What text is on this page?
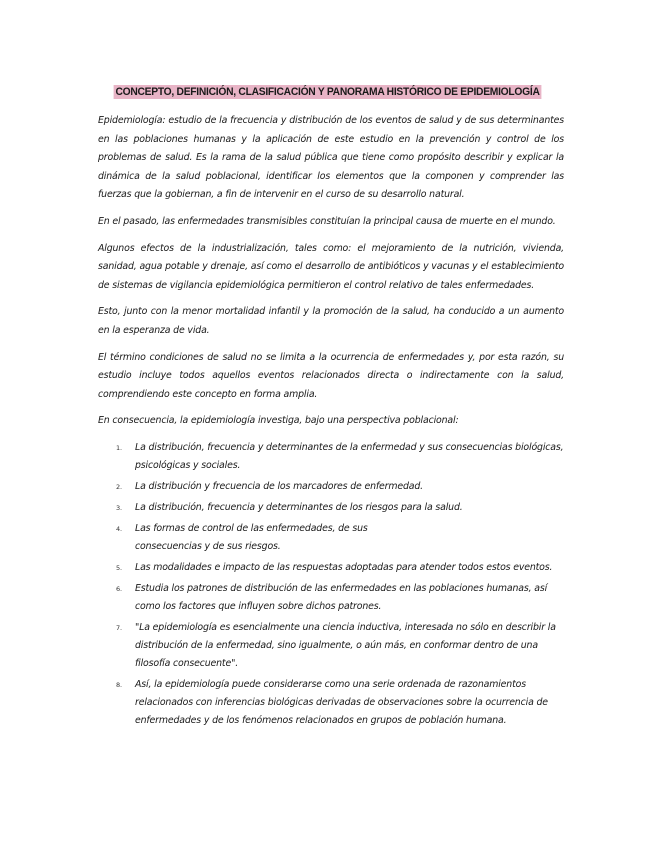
CONCEPTO, DEFINICIÓN, CLASIFICACIÓN Y PANORAMA HISTÓRICO DE EPIDEMIOLOGÍA

Epidemiología: estudio de la frecuencia y distribución de los eventos de salud y de sus determinantes en las poblaciones humanas y la aplicación de este estudio en la prevención y control de los problemas de salud. Es la rama de la salud pública que tiene como propósito describir y explicar la dinámica de la salud poblacional, identificar los elementos que la componen y comprender las fuerzas que la gobiernan, a fin de intervenir en el curso de su desarrollo natural.

En el pasado, las enfermedades transmisibles constituían la principal causa de muerte en el mundo.

Algunos efectos de la industrialización, tales como: el mejoramiento de la nutrición, vivienda, sanidad, agua potable y drenaje, así como el desarrollo de antibióticos y vacunas y el establecimiento de sistemas de vigilancia epidemiológica permitieron el control relativo de tales enfermedades.

Esto, junto con la menor mortalidad infantil y la promoción de la salud, ha conducido a un aumento en la esperanza de vida.

El término condiciones de salud no se limita a la ocurrencia de enfermedades y, por esta razón, su estudio incluye todos aquellos eventos relacionados directa o indirectamente con la salud, comprendiendo este concepto en forma amplia.

En consecuencia, la epidemiología investiga, bajo una perspectiva poblacional:

1. La distribución, frecuencia y determinantes de la enfermedad y sus consecuencias biológicas, psicológicas y sociales.
2. La distribución y frecuencia de los marcadores de enfermedad.
3. La distribución, frecuencia y determinantes de los riesgos para la salud.
4. Las formas de control de las enfermedades, de sus consecuencias y de sus riesgos.
5. Las modalidades e impacto de las respuestas adoptadas para atender todos estos eventos.
6. Estudia los patrones de distribución de las enfermedades en las poblaciones humanas, así como los factores que influyen sobre dichos patrones.
7. "La epidemiología es esencialmente una ciencia inductiva, interesada no sólo en describir la distribución de la enfermedad, sino igualmente, o aún más, en conformar dentro de una filosofía consecuente".
8. Así, la epidemiología puede considerarse como una serie ordenada de razonamientos relacionados con inferencias biológicas derivadas de observaciones sobre la ocurrencia de enfermedades y de los fenómenos relacionados en grupos de población humana.
